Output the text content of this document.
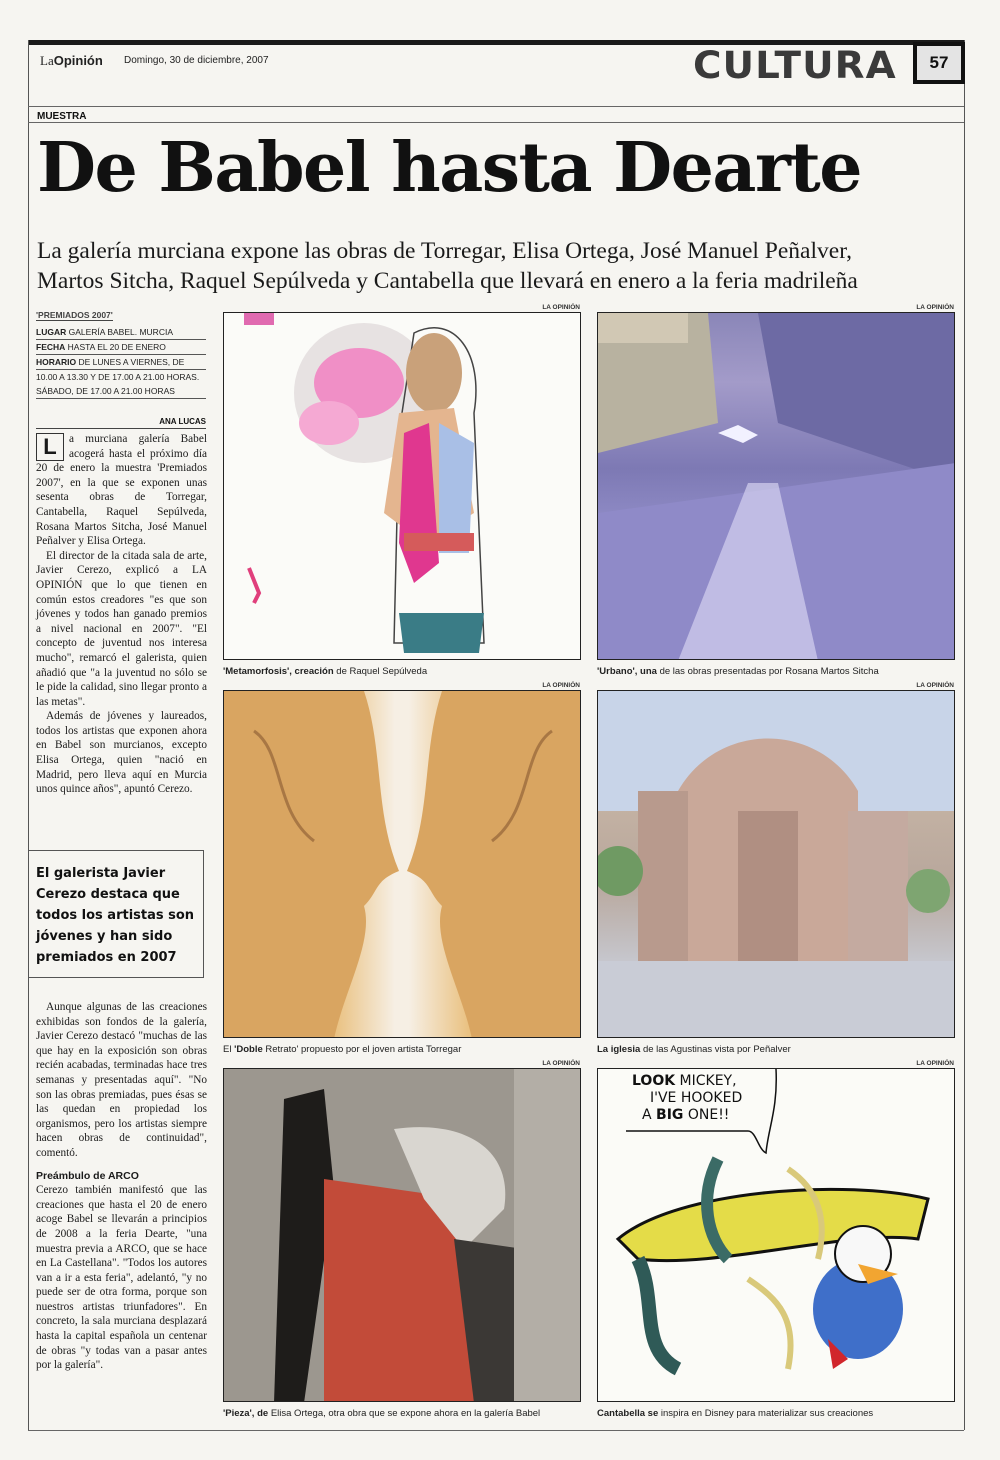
LaOpinión Domingo, 30 de diciembre, 2007	CULTURA	57
MUESTRA
De Babel hasta Dearte
La galería murciana expone las obras de Torregar, Elisa Ortega, José Manuel Peñalver,
Martos Sitcha, Raquel Sepúlveda y Cantabella que llevará en enero a la feria madrileña
'PREMIADOS 2007'
LUGAR GALERÍA BABEL. MURCIA
FECHA HASTA EL 20 DE ENERO
HORARIO DE LUNES A VIERNES, DE
10.00 A 13.30 Y DE 17.00 A 21.00 HORAS.
SÁBADO, DE 17.00 A 21.00 HORAS
ANA LUCAS

L	a murciana galería Babel acogerá hasta el próximo día 20 de enero la muestra 'Premiados 2007', en la que se exponen unas sesenta obras de Torregar, Cantabella, Raquel Sepúlveda, Rosana Martos Sitcha, José Manuel Peñalver y Elisa Ortega.

El director de la citada sala de arte, Javier Cerezo, explicó a LA OPINIÓN que lo que tienen en común estos creadores "es que son jóvenes y todos han ganado premios a nivel nacional en 2007". "El concepto de juventud nos interesa mucho", remarcó el galerista, quien añadió que "a la juventud no sólo se le pide la calidad, sino llegar pronto a las metas".

Además de jóvenes y laureados, todos los artistas que exponen ahora en Babel son murcianos, excepto Elisa Ortega, quien "nació en Madrid, pero lleva aquí en Murcia unos quince años", apuntó Cerezo.

El galerista Javier Cerezo destaca que todos los artistas son jóvenes y han sido premiados en 2007

Aunque algunas de las creaciones exhibidas son fondos de la galería, Javier Cerezo destacó "muchas de las que hay en la exposición son obras recién acabadas, terminadas hace tres semanas y presentadas aquí". "No son las obras premiadas, pues ésas se las quedan en propiedad los organismos, pero los artistas siempre hacen obras de continuidad", comentó.

Preámbulo de ARCO

Cerezo también manifestó que las creaciones que hasta el 20 de enero acoge Babel se llevarán a principios de 2008 a la feria Dearte, "una muestra previa a ARCO, que se hace en La Castellana". "Todos los autores van a ir a esta feria", adelantó, "y no puede ser de otra forma, porque son nuestros artistas triunfadores". En concreto, la sala murciana desplazará hasta la capital española un centenar de obras "y todas van a pasar antes por la galería".

LA OPINIÓN
'Metamorfosis', creación de Raquel Sepúlveda
LA OPINIÓN
'Urbano', una de las obras presentadas por Rosana Martos Sitcha
LA OPINIÓN
El 'Doble Retrato' propuesto por el joven artista Torregar
LA OPINIÓN
La iglesia de las Agustinas vista por Peñalver
LA OPINIÓN
'Pieza', de Elisa Ortega, otra obra que se expone ahora en la galería Babel
LA OPINIÓN
LOOK MICKEY,
I'VE HOOKED
A BIG ONE!!
Cantabella se inspira en Disney para materializar sus creaciones
